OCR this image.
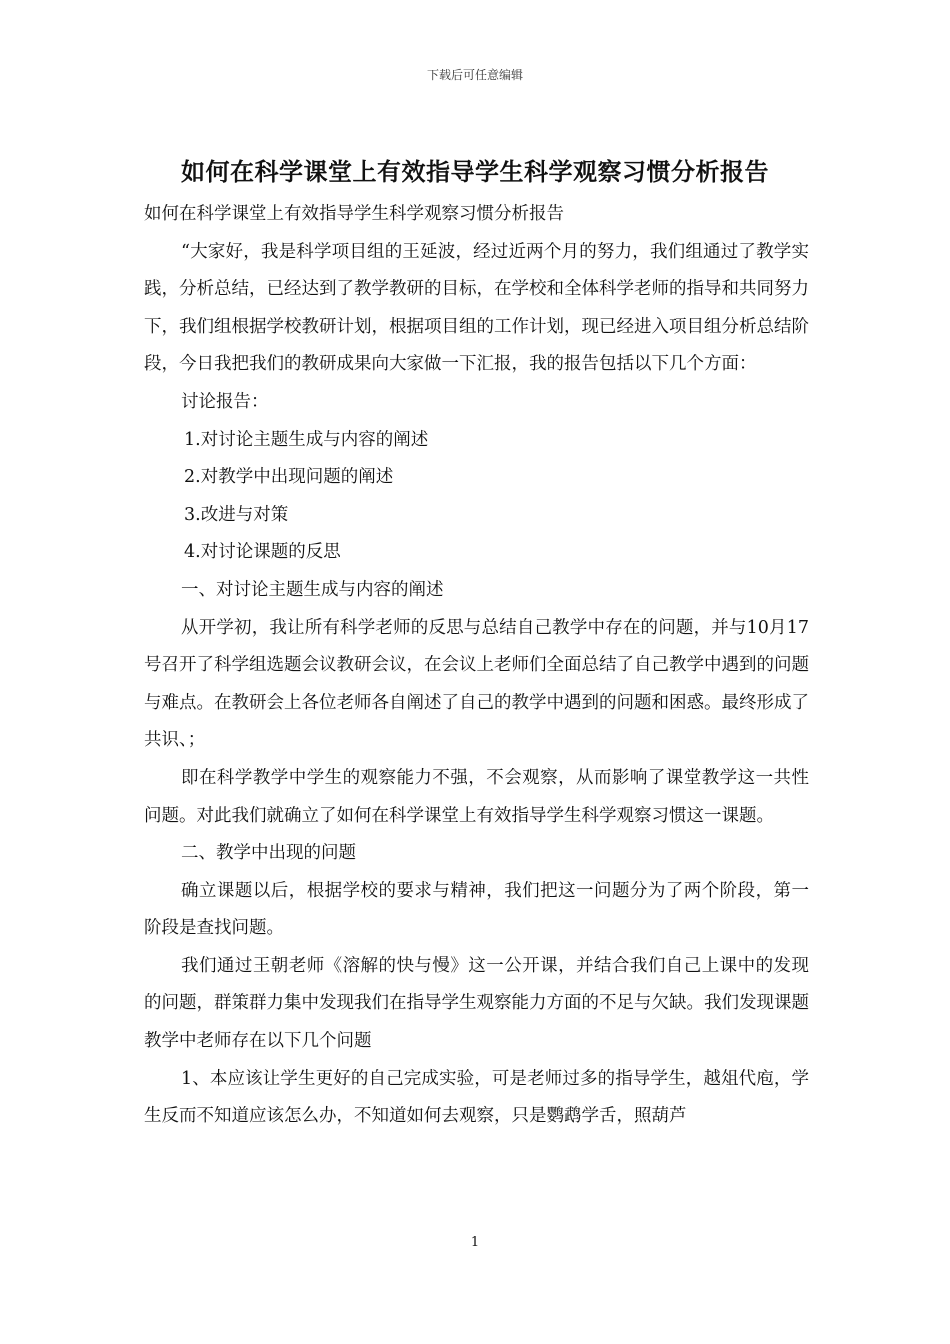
下载后可任意编辑
如何在科学课堂上有效指导学生科学观察习惯分析报告

如何在科学课堂上有效指导学生科学观察习惯分析报告

“大家好，我是科学项目组的王延波，经过近两个月的努力，我们组通过了教学实践，分析总结，已经达到了教学教研的目标，在学校和全体科学老师的指导和共同努力下，我们组根据学校教研计划，根据项目组的工作计划，现已经进入项目组分析总结阶段，今日我把我们的教研成果向大家做一下汇报，我的报告包括以下几个方面：

讨论报告：

1.对讨论主题生成与内容的阐述

2.对教学中出现问题的阐述

3.改进与对策

4.对讨论课题的反思

一、对讨论主题生成与内容的阐述

从开学初，我让所有科学老师的反思与总结自己教学中存在的问题，并与10月17号召开了科学组选题会议教研会议，在会议上老师们全面总结了自己教学中遇到的问题与难点。在教研会上各位老师各自阐述了自己的教学中遇到的问题和困惑。最终形成了共识、；

即在科学教学中学生的观察能力不强，不会观察，从而影响了课堂教学这一共性问题。对此我们就确立了如何在科学课堂上有效指导学生科学观察习惯这一课题。

二、教学中出现的问题

确立课题以后，根据学校的要求与精神，我们把这一问题分为了两个阶段，第一阶段是查找问题。

我们通过王朝老师《溶解的快与慢》这一公开课，并结合我们自己上课中的发现的问题，群策群力集中发现我们在指导学生观察能力方面的不足与欠缺。我们发现课题教学中老师存在以下几个问题

1、本应该让学生更好的自己完成实验，可是老师过多的指导学生，越俎代庖，学生反而不知道应该怎么办，不知道如何去观察，只是鹦鹉学舌，照葫芦

1
